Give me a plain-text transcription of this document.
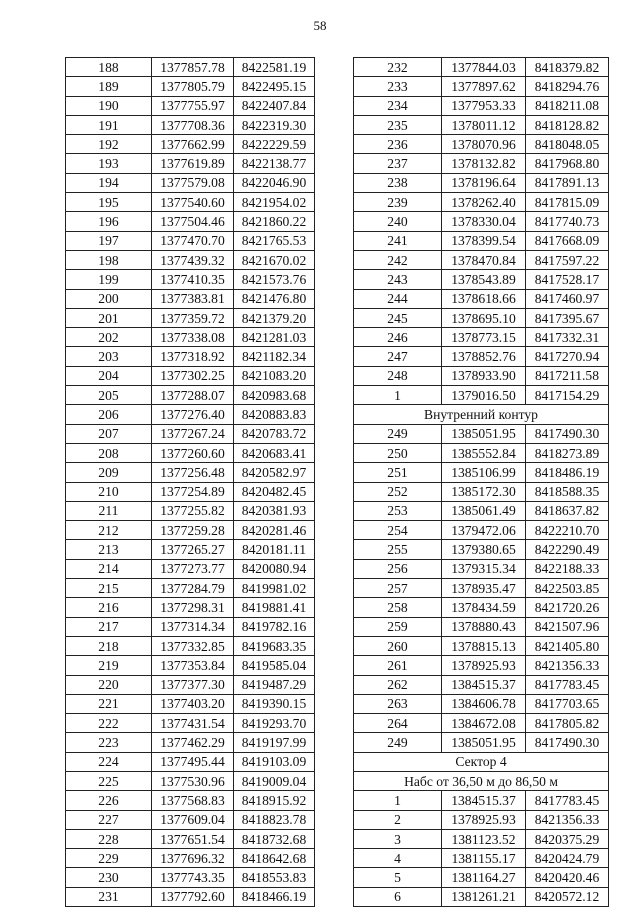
58
188	1377857.78	8422581.19
189	1377805.79	8422495.15
190	1377755.97	8422407.84
191	1377708.36	8422319.30
192	1377662.99	8422229.59
193	1377619.89	8422138.77
194	1377579.08	8422046.90
195	1377540.60	8421954.02
196	1377504.46	8421860.22
197	1377470.70	8421765.53
198	1377439.32	8421670.02
199	1377410.35	8421573.76
200	1377383.81	8421476.80
201	1377359.72	8421379.20
202	1377338.08	8421281.03
203	1377318.92	8421182.34
204	1377302.25	8421083.20
205	1377288.07	8420983.68
206	1377276.40	8420883.83
207	1377267.24	8420783.72
208	1377260.60	8420683.41
209	1377256.48	8420582.97
210	1377254.89	8420482.45
211	1377255.82	8420381.93
212	1377259.28	8420281.46
213	1377265.27	8420181.11
214	1377273.77	8420080.94
215	1377284.79	8419981.02
216	1377298.31	8419881.41
217	1377314.34	8419782.16
218	1377332.85	8419683.35
219	1377353.84	8419585.04
220	1377377.30	8419487.29
221	1377403.20	8419390.15
222	1377431.54	8419293.70
223	1377462.29	8419197.99
224	1377495.44	8419103.09
225	1377530.96	8419009.04
226	1377568.83	8418915.92
227	1377609.04	8418823.78
228	1377651.54	8418732.68
229	1377696.32	8418642.68
230	1377743.35	8418553.83
231	1377792.60	8418466.19
232	1377844.03	8418379.82
233	1377897.62	8418294.76
234	1377953.33	8418211.08
235	1378011.12	8418128.82
236	1378070.96	8418048.05
237	1378132.82	8417968.80
238	1378196.64	8417891.13
239	1378262.40	8417815.09
240	1378330.04	8417740.73
241	1378399.54	8417668.09
242	1378470.84	8417597.22
243	1378543.89	8417528.17
244	1378618.66	8417460.97
245	1378695.10	8417395.67
246	1378773.15	8417332.31
247	1378852.76	8417270.94
248	1378933.90	8417211.58
1	1379016.50	8417154.29
Внутренний контур		
249	1385051.95	8417490.30
250	1385552.84	8418273.89
251	1385106.99	8418486.19
252	1385172.30	8418588.35
253	1385061.49	8418637.82
254	1379472.06	8422210.70
255	1379380.65	8422290.49
256	1379315.34	8422188.33
257	1378935.47	8422503.85
258	1378434.59	8421720.26
259	1378880.43	8421507.96
260	1378815.13	8421405.80
261	1378925.93	8421356.33
262	1384515.37	8417783.45
263	1384606.78	8417703.65
264	1384672.08	8417805.82
249	1385051.95	8417490.30
Сектор 4		
Набс от 36,50 м до 86,50 м		
1	1384515.37	8417783.45
2	1378925.93	8421356.33
3	1381123.52	8420375.29
4	1381155.17	8420424.79
5	1381164.27	8420420.46
6	1381261.21	8420572.12
